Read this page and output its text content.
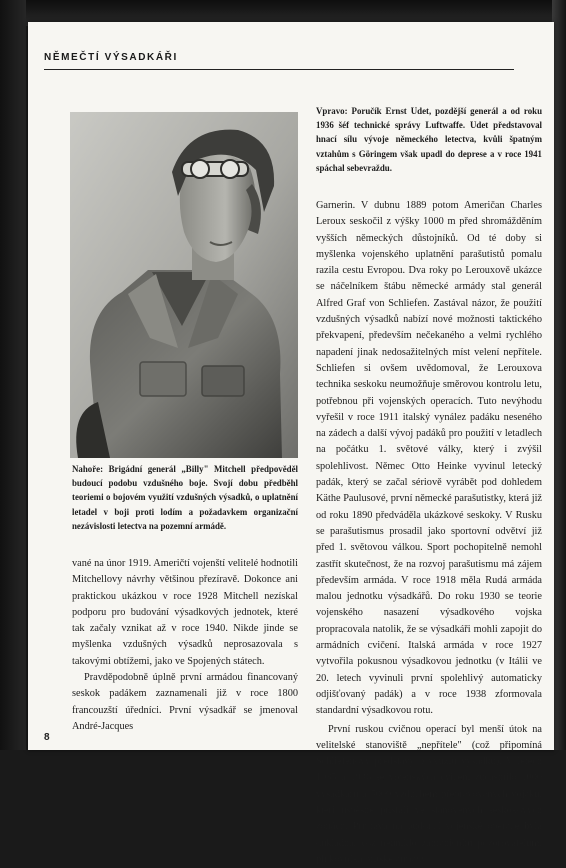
NĚMEČTÍ VÝSADKÁŘI

Nahoře: Brigádní generál „Billy" Mitchell předpověděl budoucí podobu vzdušného boje. Svojí dobu předběhl teoriemi o bojovém využití vzdušných výsadků, o uplatnění letadel v boji proti lodím a požadavkem organizační nezávislosti letectva na pozemní armádě.

vané na únor 1919. Američtí vojenští velitelé hodnotili Mitchellovy návrhy většinou přezíravě. Dokonce ani praktickou ukázkou v roce 1928 Mitchell nezískal podporu pro budování výsadkových jednotek, které tak začaly vznikat až v roce 1940. Nikde jinde se myšlenka vzdušných výsadků neprosazovala s takovými obtížemi, jako ve Spojených státech.

Pravděpodobně úplně první armádou financovaný seskok padákem zaznamenali již v roce 1800 francouzští úředníci. První výsadkář se jmenoval André-Jacques

Vpravo: Poručík Ernst Udet, pozdější generál a od roku 1936 šéf technické správy Luftwaffe. Udet představoval hnací sílu vývoje německého letectva, kvůli špatným vztahům s Göringem však upadl do deprese a v roce 1941 spáchal sebevraždu.

Garnerin. V dubnu 1889 potom Američan Charles Leroux seskočil z výšky 1000 m před shromážděním vyšších německých důstojníků. Od té doby si myšlenka vojenského uplatnění parašutistů pomalu razila cestu Evropou. Dva roky po Lerouxově ukázce se náčelníkem štábu německé armády stal generál Alfred Graf von Schliefen. Zastával názor, že použití vzdušných výsadků nabízí nové možnosti taktického překvapení, především nečekaného a velmi rychlého napadení jinak nedosažitelných míst velení nepřítele. Schliefen si ovšem uvědomoval, že Lerouxova technika seskoku neumožňuje směrovou kontrolu letu, potřebnou při vojenských operacích. Tuto nevýhodu vyřešil v roce 1911 italský vynález padáku neseného na zádech a další vývoj padáků pro použití v letadlech na počátku 1. světové války, který i zvýšil spolehlivost. Němec Otto Heinke vyvinul letecký padák, který se začal sériově vyrábět pod dohledem Käthe Paulusové, první německé parašutistky, která již od roku 1890 předváděla ukázkové seskoky. V Rusku se parašutismus prosadil jako sportovní odvětví již před 1. světovou válkou. Sport pochopitelně nemohl zastřít skutečnost, že na rozvoj parašutismu má zájem především armáda. V roce 1918 měla Rudá armáda malou jednotku výsadkářů. Do roku 1930 se teorie vojenského nasazení výsadkového vojska propracovala natolik, že se výsadkáři mohli zapojit do armádních cvičení. Italská armáda v roce 1927 vytvořila pokusnou výsadkovou jednotku (v Itálii ve 20. letech vyvinuli první spolehlivý automaticky odjišťovaný padák) a v roce 1938 zformovala standardní výsadkovou rotu.

První ruskou cvičnou operací byl menší útok na velitelské stanoviště „nepřítele" (což připomíná Schliefenovy představy o využití výsadků). V letech 1935 a 1936 se vojenských cvičení zúčastnilo 1000 výsadkářů a 5000 vzduchem přepravovaných vojáků, kteří úspěšně přistáli ve stanovených seskokových zónách. Příprava na budoucí vojenské operace byla důkladná, což neuniklo zahraničním pozorovatelům, plukovníka britské armády

8
